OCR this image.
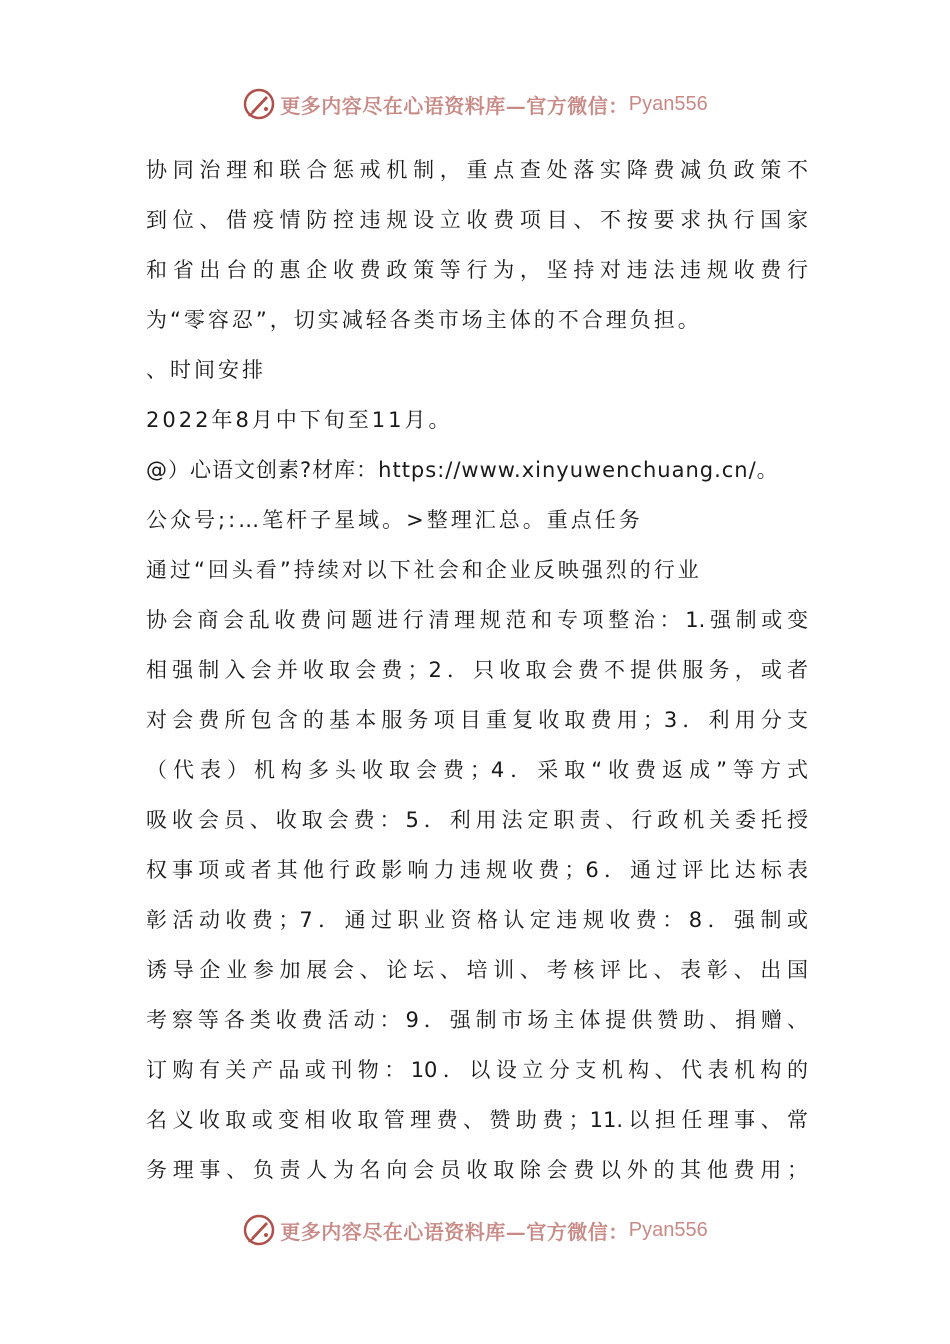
更多内容尽在心语资料库—官方微信： Pyan556
协同治理和联合惩戒机制，重点查处落实降费减负政策不
到位、借疫情防控违规设立收费项目、不按要求执行国家
和省出台的惠企收费政策等行为，坚持对违法违规收费行
为“零容忍”，切实减轻各类市场主体的不合理负担。
、时间安排
2022年8月中下旬至11月。
@）心语文创素?材库：https://www.xinyuwenchuang.cn/。
公众号;:…笔杆子星域。>整理汇总。重点任务
通过“回头看”持续对以下社会和企业反映强烈的行业
协会商会乱收费问题进行清理规范和专项整治：1.强制或变
相强制入会并收取会费；2．只收取会费不提供服务，或者
对会费所包含的基本服务项目重复收取费用；3．利用分支
（代表）机构多头收取会费；4．采取“收费返成”等方式
吸收会员、收取会费：5．利用法定职责、行政机关委托授
权事项或者其他行政影响力违规收费；6．通过评比达标表
彰活动收费；7．通过职业资格认定违规收费：8．强制或
诱导企业参加展会、论坛、培训、考核评比、表彰、出国
考察等各类收费活动：9．强制市场主体提供赞助、捐赠、
订购有关产品或刊物：10．以设立分支机构、代表机构的
名义收取或变相收取管理费、赞助费；11.以担任理事、常
务理事、负责人为名向会员收取除会费以外的其他费用；
更多内容尽在心语资料库—官方微信： Pyan556
